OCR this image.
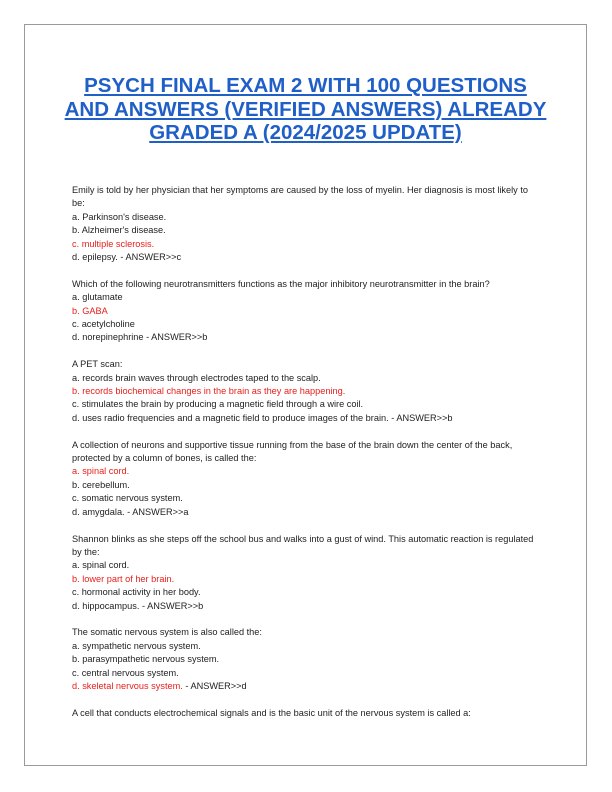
PSYCH FINAL EXAM 2 WITH 100 QUESTIONS AND ANSWERS (VERIFIED ANSWERS) ALREADY GRADED A (2024/2025 UPDATE)

Emily is told by her physician that her symptoms are caused by the loss of myelin. Her diagnosis is most likely to be:

a. Parkinson's disease.

b. Alzheimer's disease.

c. multiple sclerosis.

d. epilepsy. - ANSWER>>c

Which of the following neurotransmitters functions as the major inhibitory neurotransmitter in the brain?

a. glutamate

b. GABA

c. acetylcholine

d. norepinephrine - ANSWER>>b

A PET scan:

a. records brain waves through electrodes taped to the scalp.

b. records biochemical changes in the brain as they are happening.

c. stimulates the brain by producing a magnetic field through a wire coil.

d. uses radio frequencies and a magnetic field to produce images of the brain. - ANSWER>>b

A collection of neurons and supportive tissue running from the base of the brain down the center of the back, protected by a column of bones, is called the:

a. spinal cord.

b. cerebellum.

c. somatic nervous system.

d. amygdala. - ANSWER>>a

Shannon blinks as she steps off the school bus and walks into a gust of wind. This automatic reaction is regulated by the:

a. spinal cord.

b. lower part of her brain.

c. hormonal activity in her body.

d. hippocampus. - ANSWER>>b

The somatic nervous system is also called the:

a. sympathetic nervous system.

b. parasympathetic nervous system.

c. central nervous system.

d. skeletal nervous system. - ANSWER>>d

A cell that conducts electrochemical signals and is the basic unit of the nervous system is called a:
